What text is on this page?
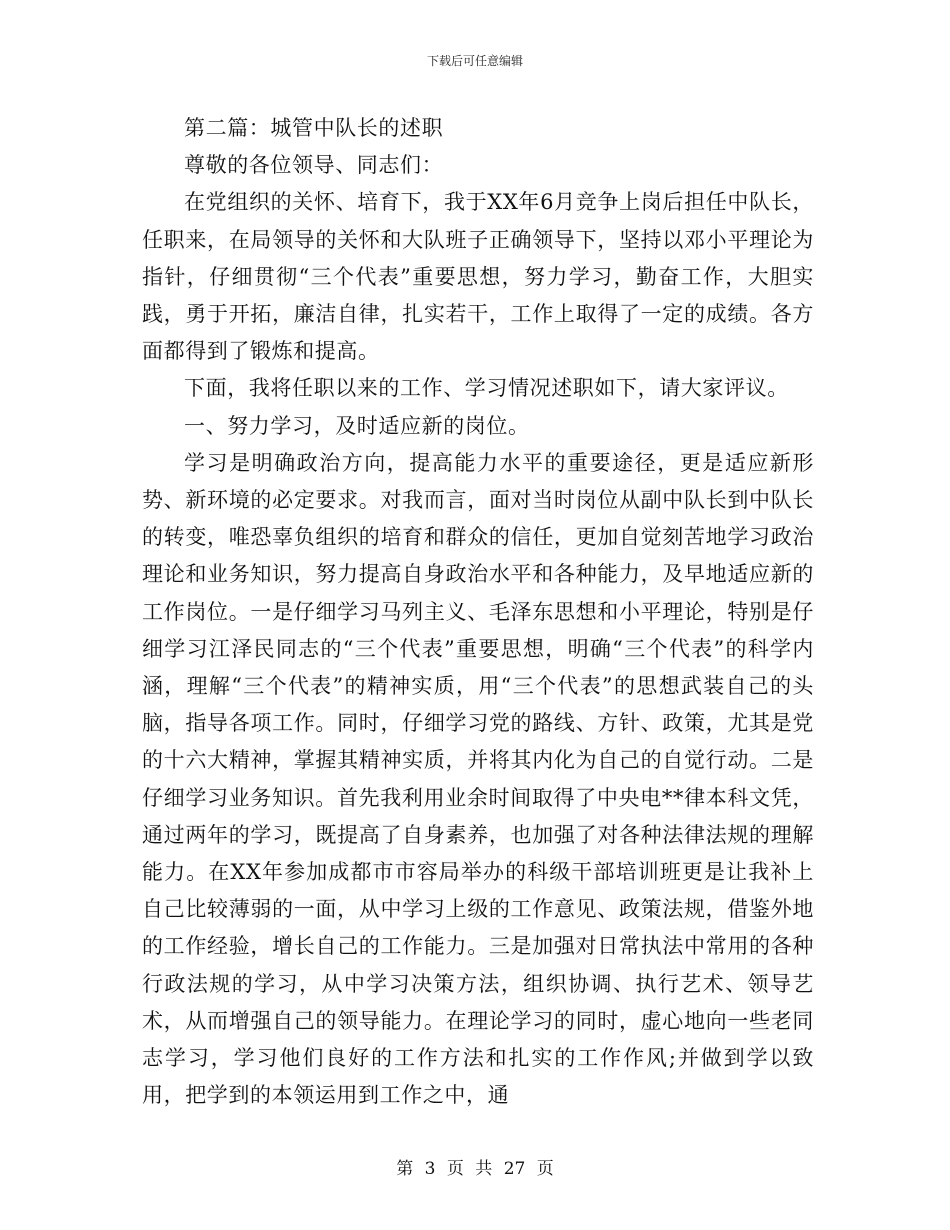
下载后可任意编辑

第二篇：城管中队长的述职

尊敬的各位领导、同志们：

在党组织的关怀、培育下，我于XX年6月竞争上岗后担任中队长，任职来，在局领导的关怀和大队班子正确领导下，坚持以邓小平理论为指针，仔细贯彻“三个代表”重要思想，努力学习，勤奋工作，大胆实践，勇于开拓，廉洁自律，扎实若干，工作上取得了一定的成绩。各方面都得到了锻炼和提高。

下面，我将任职以来的工作、学习情况述职如下，请大家评议。

一、努力学习，及时适应新的岗位。

学习是明确政治方向，提高能力水平的重要途径，更是适应新形势、新环境的必定要求。对我而言，面对当时岗位从副中队长到中队长的转变，唯恐辜负组织的培育和群众的信任，更加自觉刻苦地学习政治理论和业务知识，努力提高自身政治水平和各种能力，及早地适应新的工作岗位。一是仔细学习马列主义、毛泽东思想和小平理论，特别是仔细学习江泽民同志的“三个代表”重要思想，明确“三个代表”的科学内涵，理解“三个代表”的精神实质，用“三个代表”的思想武装自己的头脑，指导各项工作。同时，仔细学习党的路线、方针、政策，尤其是党的十六大精神，掌握其精神实质，并将其内化为自己的自觉行动。二是仔细学习业务知识。首先我利用业余时间取得了中央电**律本科文凭，通过两年的学习，既提高了自身素养，也加强了对各种法律法规的理解能力。在XX年参加成都市市容局举办的科级干部培训班更是让我补上自己比较薄弱的一面，从中学习上级的工作意见、政策法规，借鉴外地的工作经验，增长自己的工作能力。三是加强对日常执法中常用的各种行政法规的学习，从中学习决策方法，组织协调、执行艺术、领导艺术，从而增强自己的领导能力。在理论学习的同时，虚心地向一些老同志学习，学习他们良好的工作方法和扎实的工作作风;并做到学以致用，把学到的本领运用到工作之中，通

第 3 页 共 27 页
